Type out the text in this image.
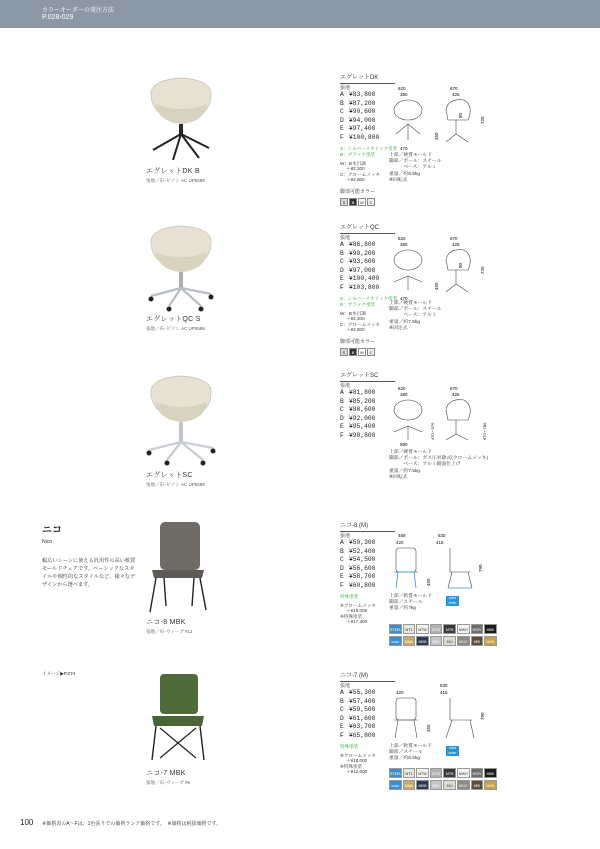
カラーオーダーの発注方法
P.028›029
エグレットDK
エグレットDK B
張地／布･ビソン AC UP5589
張地
A ¥83,800
B ¥87,200
C ¥90,600
D ¥94,000
E ¥97,400
F ¥100,800
S：シルバーメタリック塗装
B：ブラック塗装
W：B木目調
＋¥2,300
C：クロームメッキ
＋¥2,800
脚部可能カラー
S	B	W	C
620
380
670
425
470
720
450
80
上部／硬質モールド
脚部／ポール：スチール
　　　ベース：アルミ
重量／約8.5kg
※回転式
エグレットQC
エグレットQC S
張地／布･ビソン AC UP5589
張地
A ¥86,800
B ¥90,200
C ¥93,600
D ¥97,000
E ¥100,400
F ¥103,800
S：シルバーメタリック塗装
B：ブラック塗装
W：B木目調
＋¥2,300
C：クロームメッキ
＋¥2,800
脚部可能カラー
S	B	W	C
620
380
670
425
470
720
450
80
上部／硬質モールド
脚部／ポール：スチール
　　　ベース：アルミ
重量／約7.5kg
※固定式
エグレットSC
エグレットSC
張地／布･ビソン AC UP5589
張地
A ¥81,800
B ¥85,200
C ¥88,600
D ¥92,000
E ¥95,400
F ¥98,800
620
380
670
425
590
470～570	670～780
上部／硬質モールド
脚部／ポール：ガス圧昇降式(クロームメッキ)
　　　ベース：アルミ鏡面仕上げ
重量／約7.5kg
※回転式
ニコ
Nico
幅広いシーンに使える汎用性の高い軟質モールドチェアです。ベーシックなスタイルや個性的なスタイルなど、様々なデザインから選べます。
ニコ-8 (M)
ニコ-8 MBK
張地／布･ウィーブ #12
張地
A ¥50,300
B ¥52,400
C ¥54,500
D ¥56,600
E ¥58,700
F ¥60,800
特殊塗装
※クロームメッキ
＋¥18,000
※特殊塗装
＋¥17,300
468
420
530
415
790
450
上部／軟質モールド
脚部／スチール
重量／約7kg
color order
STEEL	MT1	MTW	MTG	MTB	MWH	MGR	MBK
color order
MNA	MDB	MSL	MLI	MCG	MRI	MOB
イメージ▶P.074	ニコ-7 (M)
ニコ-7 MBK
張地／布･ウィーブ #6
張地
A ¥55,300
B ¥57,400
C ¥59,500
D ¥61,600
E ¥63,700
F ¥65,800
特殊塗装
※クロームメッキ
＋¥18,000
※特殊塗装
＋¥12,000
420
530
415
790
455
上部／軟質モールド
脚部／スチール
重量／約6.5kg
color order
STEEL	MT1	MTW	MTG	MTB	MWH	MGR	MBK
color order
MNA	MDB	MSL	MLI	MCG	MRI	MOB
100 ※価格表のA～Fは、1色張りでの価格ランク価格です。　※価格は税抜価格です。
